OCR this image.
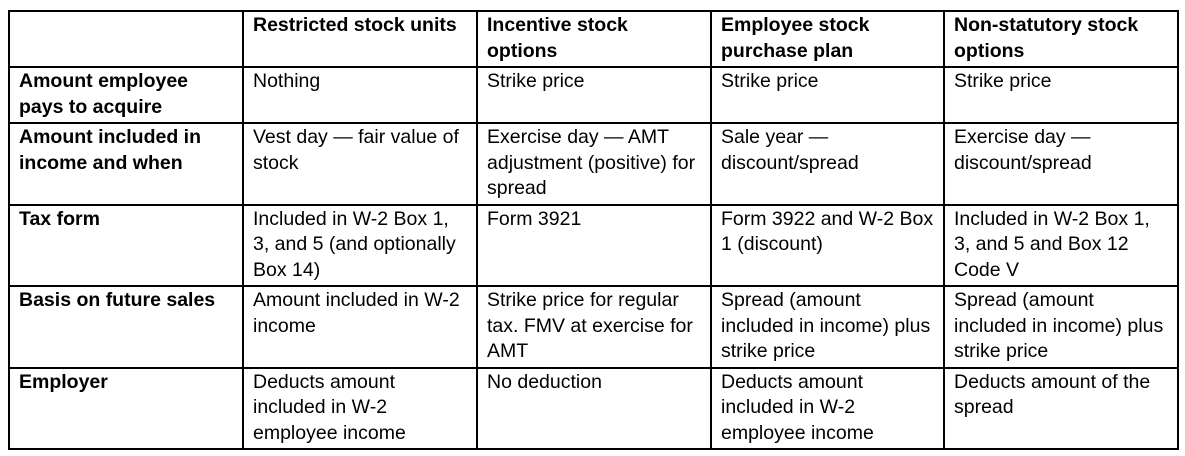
	Restricted stock units	Incentive stock options	Employee stock purchase plan	Non-statutory stock options
Amount employee pays to acquire	Nothing	Strike price	Strike price	Strike price
Amount included in income and when	Vest day — fair value of stock	Exercise day — AMT adjustment (positive) for spread	Sale year — discount/spread	Exercise day — discount/spread
Tax form	Included in W-2 Box 1, 3, and 5 (and optionally Box 14)	Form 3921	Form 3922 and W-2 Box 1 (discount)	Included in W-2 Box 1, 3, and 5 and Box 12 Code V
Basis on future sales	Amount included in W-2 income	Strike price for regular tax. FMV at exercise for AMT	Spread (amount included in income) plus strike price	Spread (amount included in income) plus strike price
Employer	Deducts amount included in W-2 employee income	No deduction	Deducts amount included in W-2 employee income	Deducts amount of the spread
